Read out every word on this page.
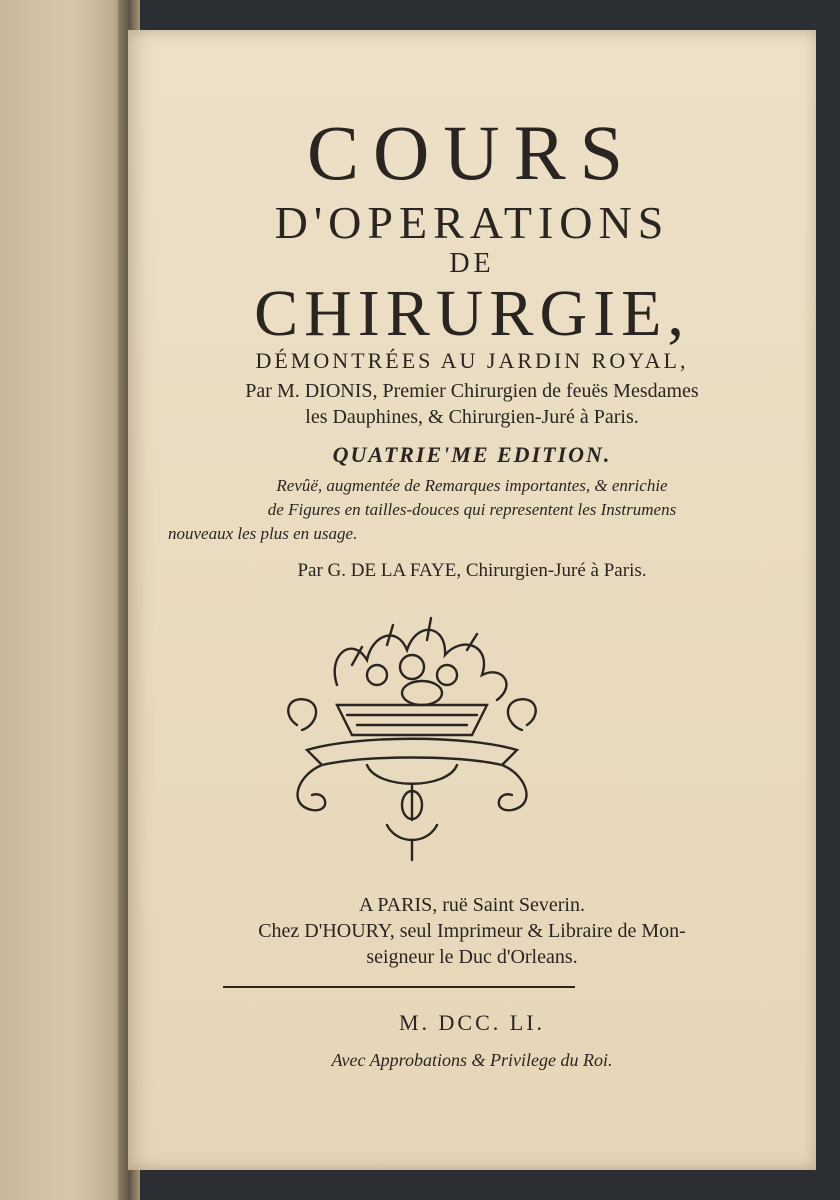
COURS
D'OPERATIONS
DE
CHIRURGIE,
DÉMONTRÉES AU JARDIN ROYAL,
Par M. DIONIS, Premier Chirurgien de feuës Mesdames
les Dauphines, & Chirurgien-Juré à Paris.
QUATRIE'ME EDITION.
Revûë, augmentée de Remarques importantes, & enrichie
de Figures en tailles-douces qui representent les Instrumens
nouveaux les plus en usage.
Par G. DE LA FAYE, Chirurgien-Juré à Paris.
A PARIS, ruë Saint Severin.
Chez D'HOURY, seul Imprimeur & Libraire de Mon-
seigneur le Duc d'Orleans.
M. DCC. LI.
Avec Approbations & Privilege du Roi.
